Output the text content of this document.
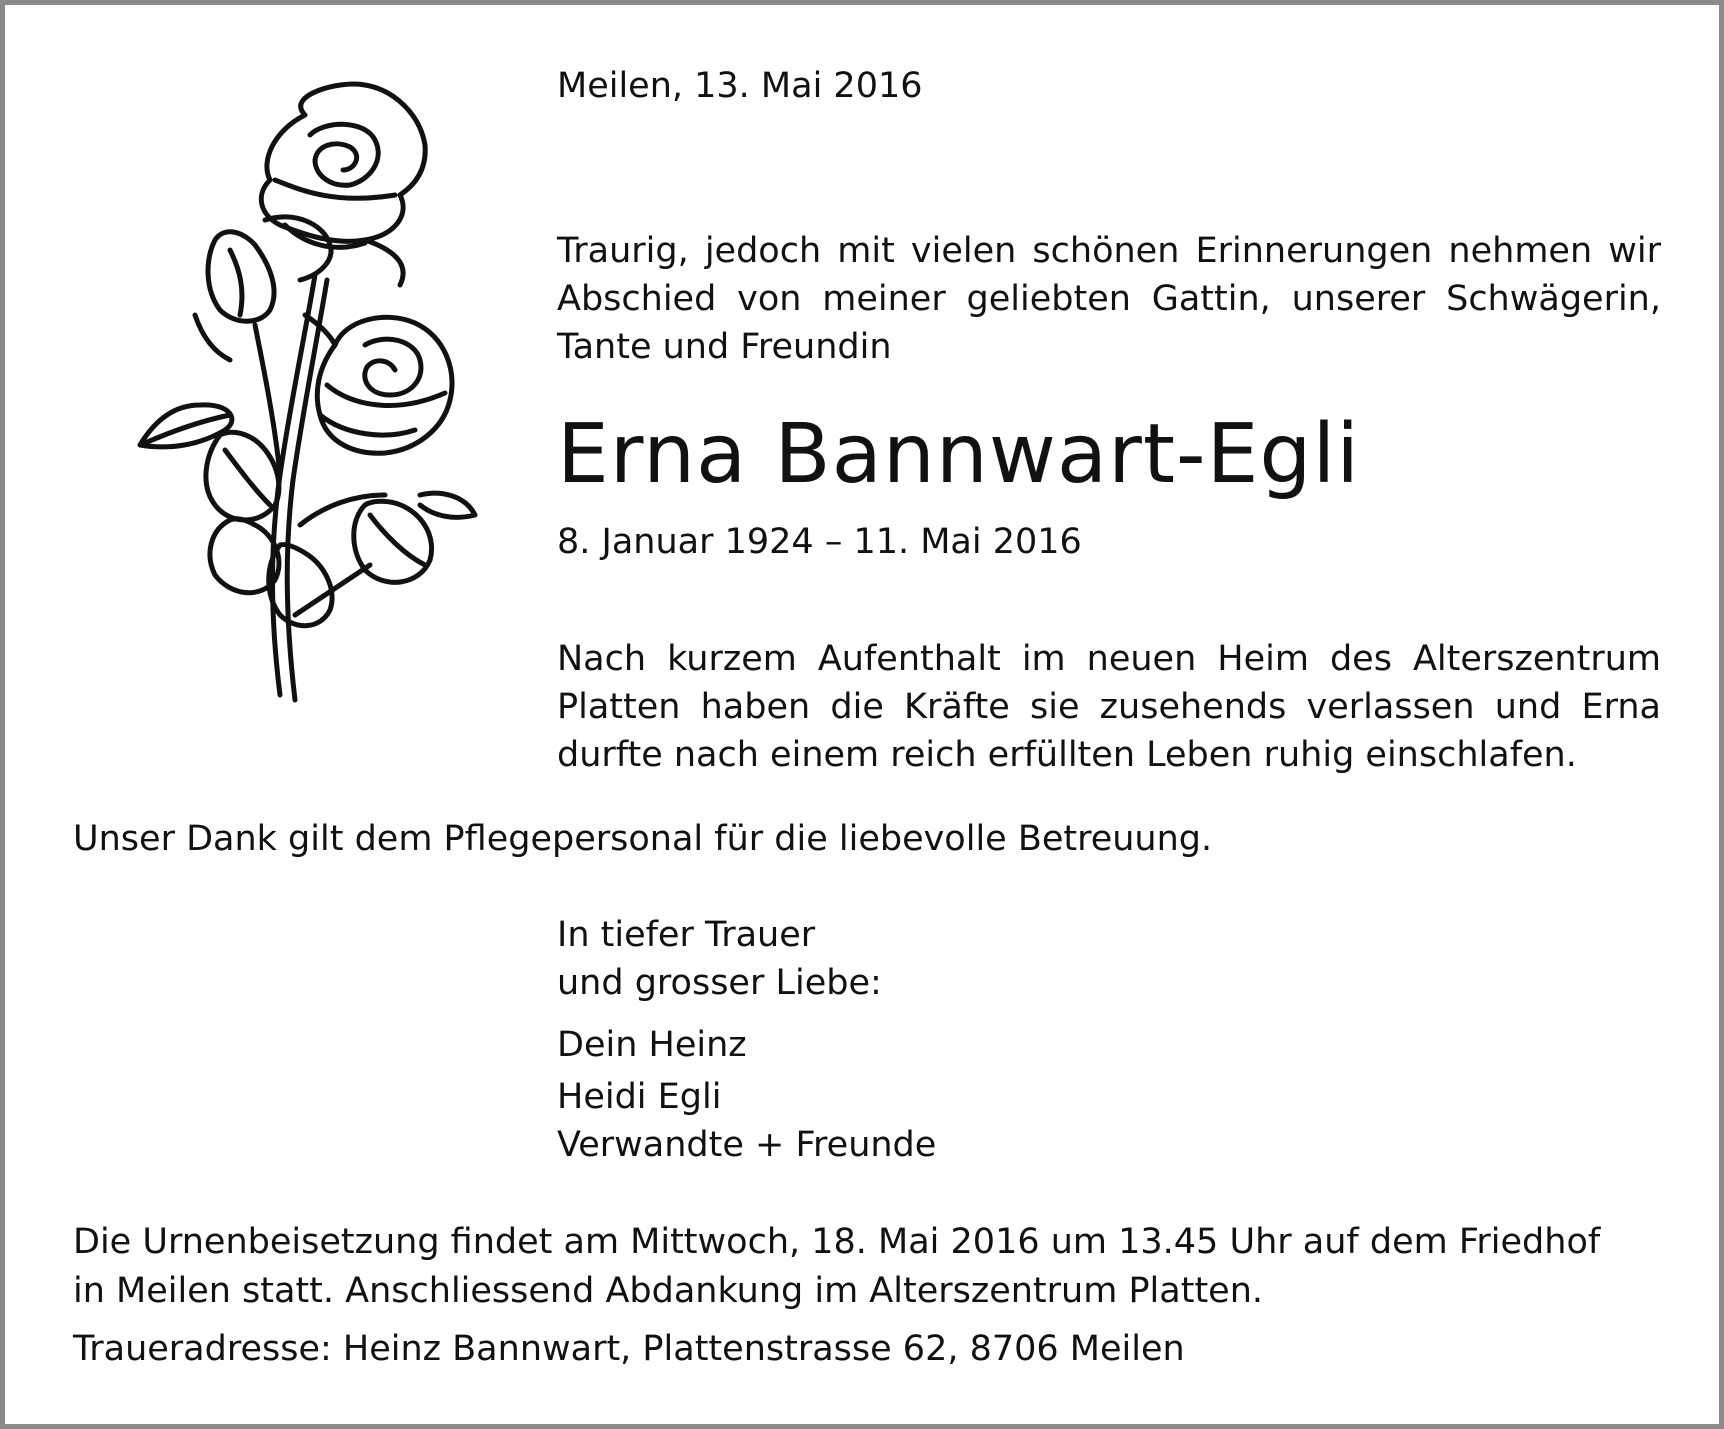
Meilen, 13. Mai 2016
Traurig, jedoch mit vielen schönen Erinnerungen nehmen wir Abschied von meiner geliebten Gattin, unserer Schwägerin, Tante und Freundin
Erna Bannwart-Egli
8. Januar 1924 – 11. Mai 2016
Nach kurzem Aufenthalt im neuen Heim des Alterszentrum Platten haben die Kräfte sie zusehends verlassen und Erna durfte nach einem reich erfüllten Leben ruhig einschlafen.
Unser Dank gilt dem Pflegepersonal für die liebevolle Betreuung.
In tiefer Trauer
und grosser Liebe:
Dein Heinz
Heidi Egli
Verwandte + Freunde
Die Urnenbeisetzung findet am Mittwoch, 18. Mai 2016 um 13.45 Uhr auf dem Friedhof
in Meilen statt. Anschliessend Abdankung im Alterszentrum Platten.
Traueradresse: Heinz Bannwart, Plattenstrasse 62, 8706 Meilen
